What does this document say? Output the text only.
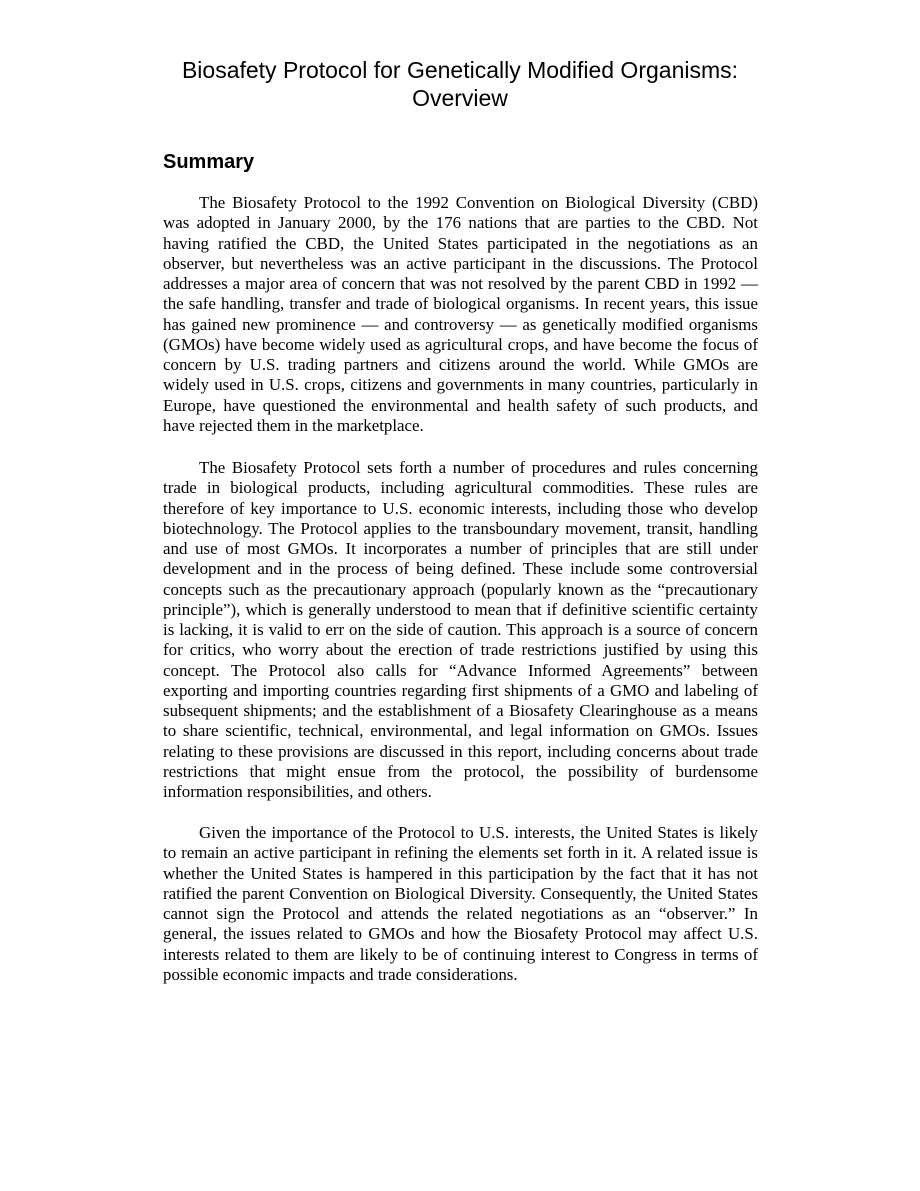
Biosafety Protocol for Genetically Modified Organisms:
Overview
Summary

The Biosafety Protocol to the 1992 Convention on Biological Diversity (CBD) was adopted in January 2000, by the 176 nations that are parties to the CBD. Not having ratified the CBD, the United States participated in the negotiations as an observer, but nevertheless was an active participant in the discussions. The Protocol addresses a major area of concern that was not resolved by the parent CBD in 1992 — the safe handling, transfer and trade of biological organisms. In recent years, this issue has gained new prominence — and controversy — as genetically modified organisms (GMOs) have become widely used as agricultural crops, and have become the focus of concern by U.S. trading partners and citizens around the world. While GMOs are widely used in U.S. crops, citizens and governments in many countries, particularly in Europe, have questioned the environmental and health safety of such products, and have rejected them in the marketplace.

The Biosafety Protocol sets forth a number of procedures and rules concerning trade in biological products, including agricultural commodities. These rules are therefore of key importance to U.S. economic interests, including those who develop biotechnology. The Protocol applies to the transboundary movement, transit, handling and use of most GMOs. It incorporates a number of principles that are still under development and in the process of being defined. These include some controversial concepts such as the precautionary approach (popularly known as the “precautionary principle”), which is generally understood to mean that if definitive scientific certainty is lacking, it is valid to err on the side of caution. This approach is a source of concern for critics, who worry about the erection of trade restrictions justified by using this concept. The Protocol also calls for “Advance Informed Agreements” between exporting and importing countries regarding first shipments of a GMO and labeling of subsequent shipments; and the establishment of a Biosafety Clearinghouse as a means to share scientific, technical, environmental, and legal information on GMOs. Issues relating to these provisions are discussed in this report, including concerns about trade restrictions that might ensue from the protocol, the possibility of burdensome information responsibilities, and others.

Given the importance of the Protocol to U.S. interests, the United States is likely to remain an active participant in refining the elements set forth in it. A related issue is whether the United States is hampered in this participation by the fact that it has not ratified the parent Convention on Biological Diversity. Consequently, the United States cannot sign the Protocol and attends the related negotiations as an “observer.” In general, the issues related to GMOs and how the Biosafety Protocol may affect U.S. interests related to them are likely to be of continuing interest to Congress in terms of possible economic impacts and trade considerations.
